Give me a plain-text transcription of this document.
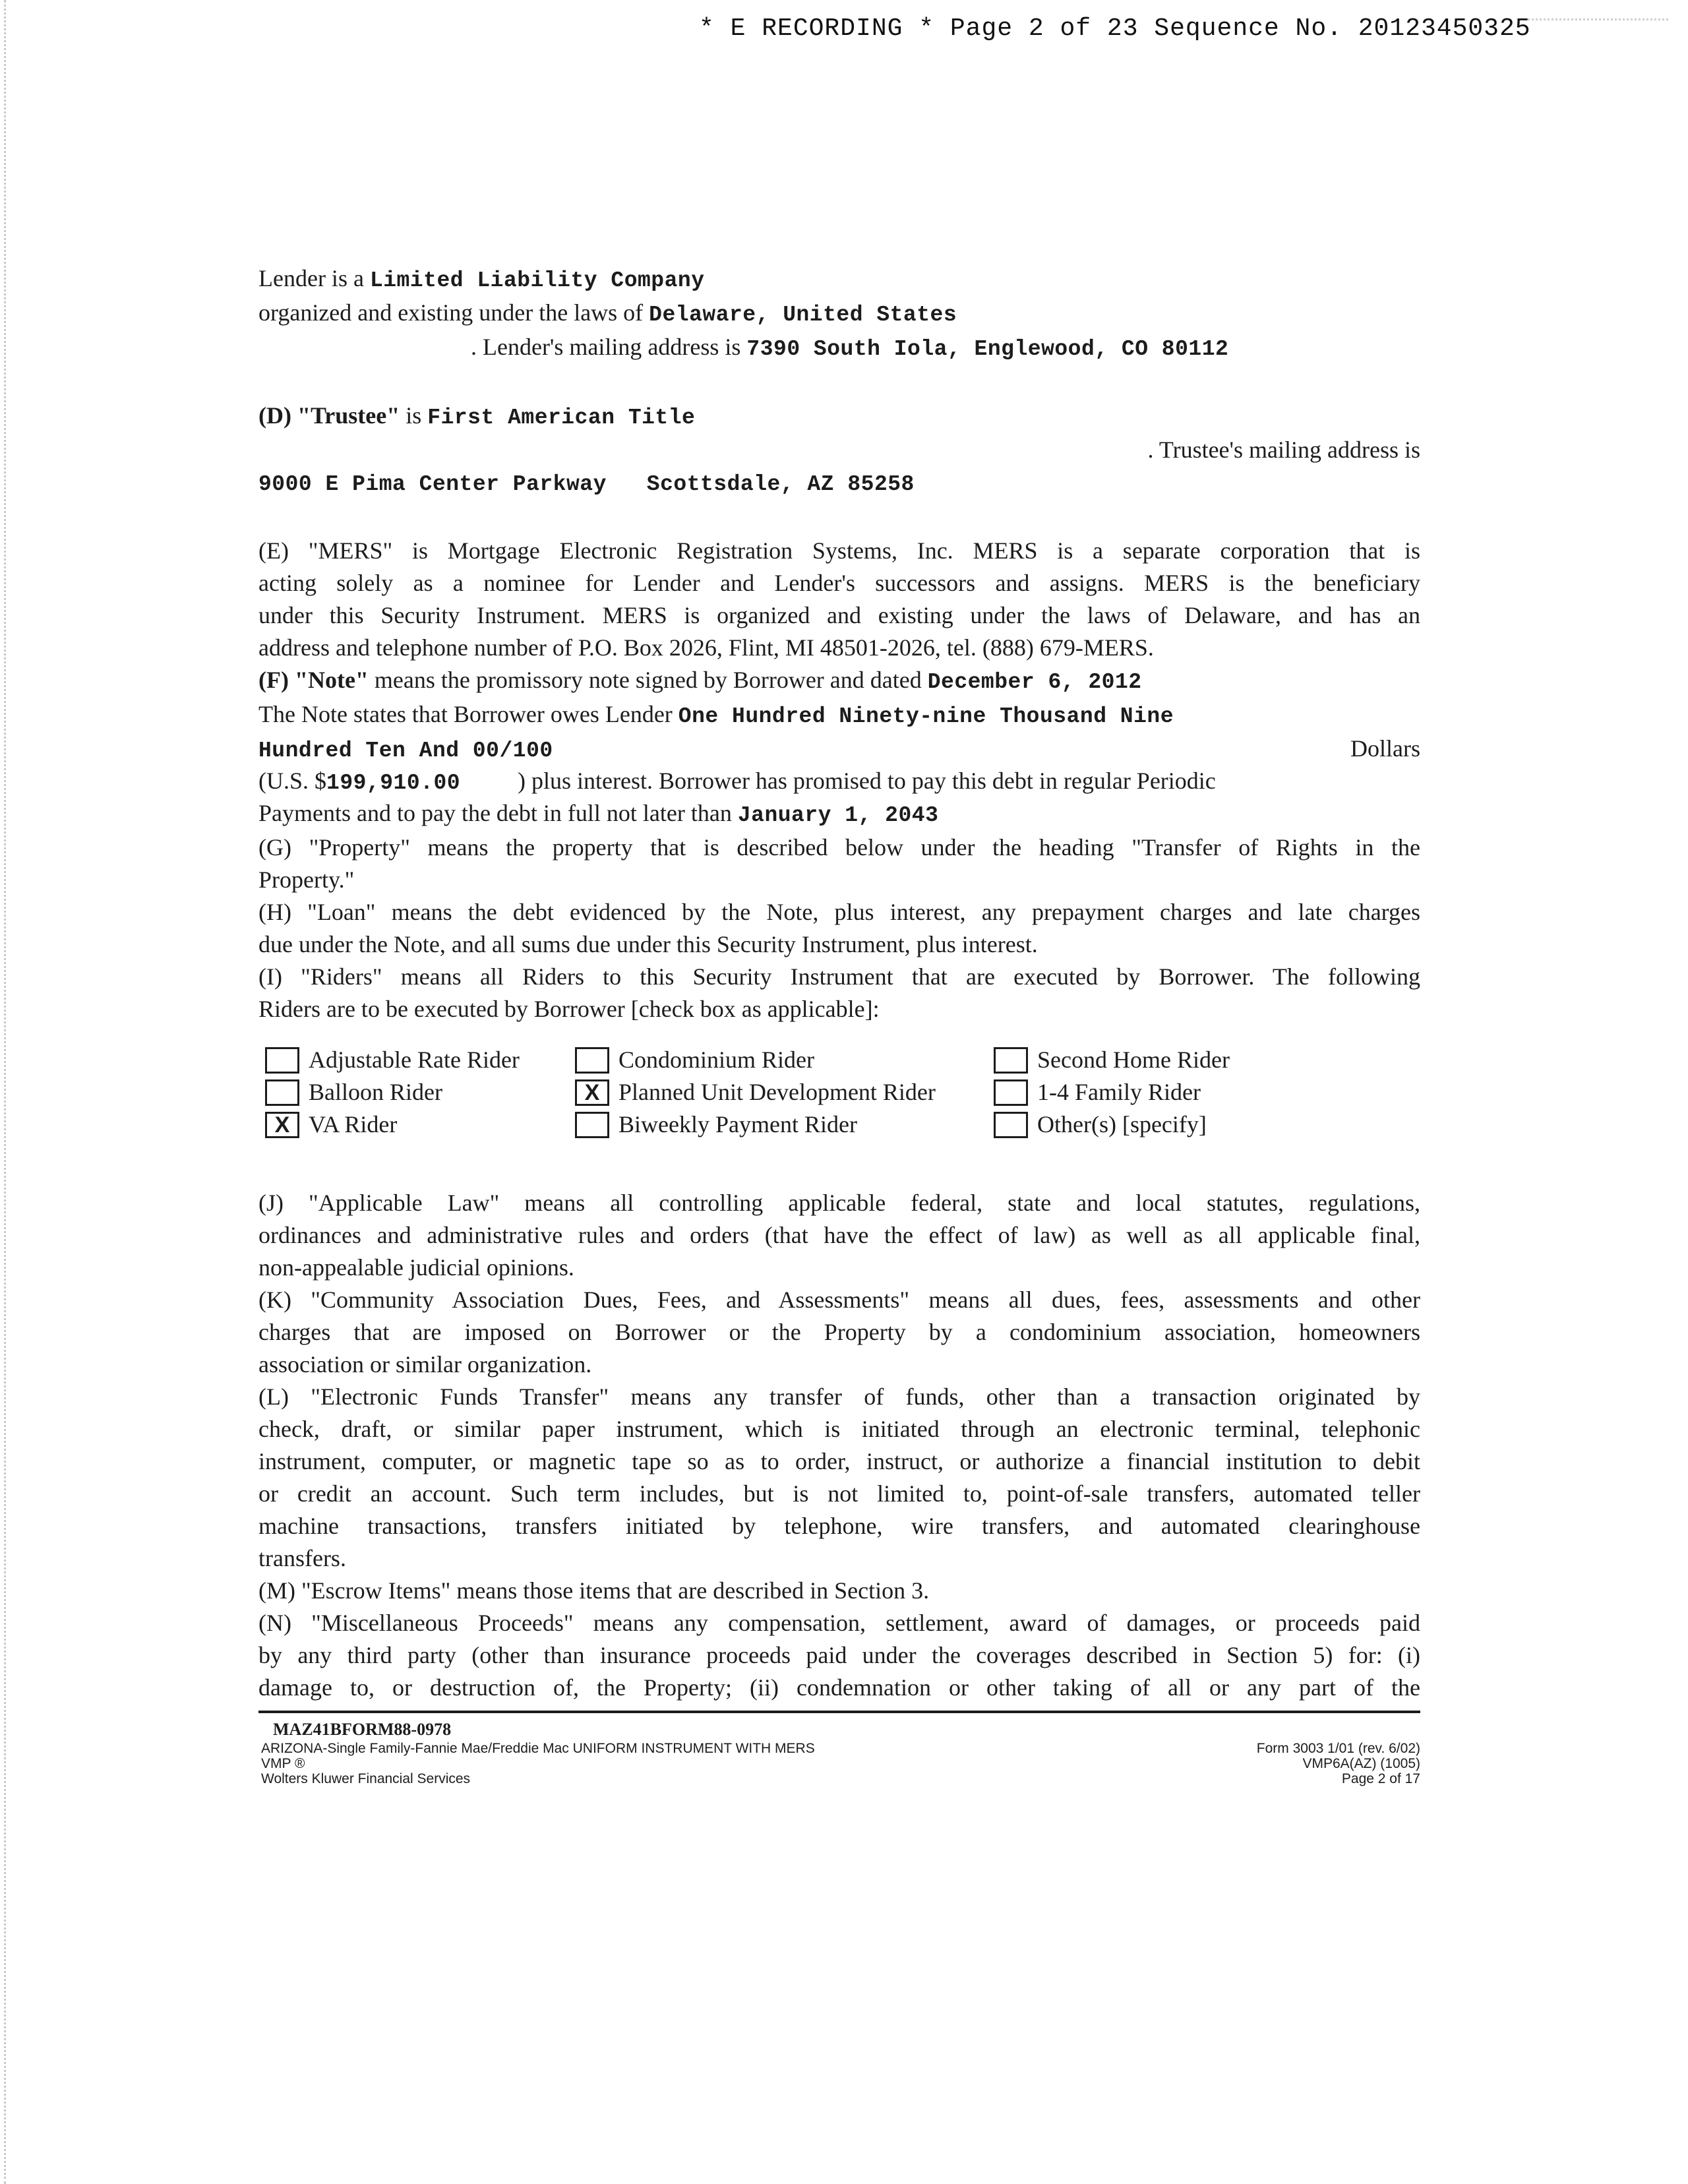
* E RECORDING * Page 2 of 23 Sequence No. 20123450325
Lender is a Limited Liability Company
organized and existing under the laws of Delaware, United States
. Lender's mailing address is 7390 South Iola, Englewood, CO 80112
(D) "Trustee" is First American Title
. Trustee's mailing address is
9000 E Pima Center Parkway   Scottsdale, AZ 85258
(E) "MERS" is Mortgage Electronic Registration Systems, Inc. MERS is a separate corporation that is
acting solely as a nominee for Lender and Lender's successors and assigns. MERS is the beneficiary
under this Security Instrument. MERS is organized and existing under the laws of Delaware, and has an
address and telephone number of P.O. Box 2026, Flint, MI 48501-2026, tel. (888) 679-MERS.
(F) "Note" means the promissory note signed by Borrower and dated December 6, 2012
The Note states that Borrower owes Lender One Hundred Ninety-nine Thousand Nine
Hundred Ten And 00/100	Dollars
(U.S. $ 199,910.00	) plus interest. Borrower has promised to pay this debt in regular Periodic
Payments and to pay the debt in full not later than January 1, 2043
(G) "Property" means the property that is described below under the heading "Transfer of Rights in the
Property."
(H) "Loan" means the debt evidenced by the Note, plus interest, any prepayment charges and late charges
due under the Note, and all sums due under this Security Instrument, plus interest.
(I) "Riders" means all Riders to this Security Instrument that are executed by Borrower. The following
Riders are to be executed by Borrower [check box as applicable]:
Adjustable Rate Rider	Condominium Rider	Second Home Rider
Balloon Rider	X Planned Unit Development Rider	1-4 Family Rider
X VA Rider	Biweekly Payment Rider	Other(s) [specify]
(J) "Applicable Law" means all controlling applicable federal, state and local statutes, regulations,
ordinances and administrative rules and orders (that have the effect of law) as well as all applicable final,
non-appealable judicial opinions.
(K) "Community Association Dues, Fees, and Assessments" means all dues, fees, assessments and other
charges that are imposed on Borrower or the Property by a condominium association, homeowners
association or similar organization.
(L) "Electronic Funds Transfer" means any transfer of funds, other than a transaction originated by
check, draft, or similar paper instrument, which is initiated through an electronic terminal, telephonic
instrument, computer, or magnetic tape so as to order, instruct, or authorize a financial institution to debit
or credit an account. Such term includes, but is not limited to, point-of-sale transfers, automated teller
machine transactions, transfers initiated by telephone, wire transfers, and automated clearinghouse
transfers.
(M) "Escrow Items" means those items that are described in Section 3.
(N) "Miscellaneous Proceeds" means any compensation, settlement, award of damages, or proceeds paid
by any third party (other than insurance proceeds paid under the coverages described in Section 5) for: (i)
damage to, or destruction of, the Property; (ii) condemnation or other taking of all or any part of the
MAZ41BFORM88-0978
ARIZONA-Single Family-Fannie Mae/Freddie Mac UNIFORM INSTRUMENT WITH MERS
VMP ®
Wolters Kluwer Financial Services
Form 3003 1/01 (rev. 6/02)
VMP6A(AZ) (1005)
Page 2 of 17
